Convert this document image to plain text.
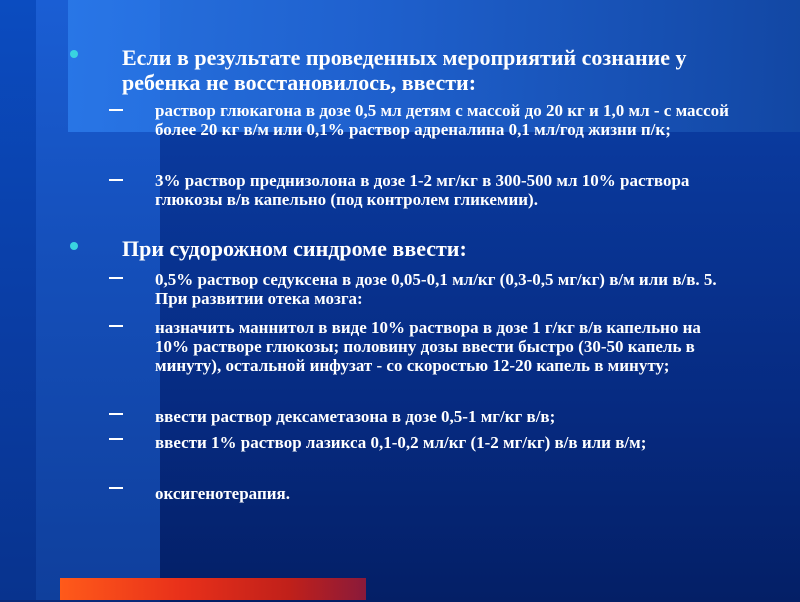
Если в результате проведенных мероприятий сознание у ребенка не восстановилось, ввести:
раствор глюкагона в дозе 0,5 мл детям с массой до 20 кг и 1,0 мл - с массой более 20 кг в/м или 0,1% раствор адреналина 0,1 мл/год жизни п/к;
3% раствор преднизолона в дозе 1-2 мг/кг в 300-500 мл 10% раствора глюкозы в/в капельно (под контролем гликемии).
При судорожном синдроме ввести:
0,5% раствор седуксена в дозе 0,05-0,1 мл/кг (0,3-0,5 мг/кг) в/м или в/в. 5. При развитии отека мозга:
назначить маннитол в виде 10% раствора в дозе 1 г/кг в/в капельно на 10% растворе глюкозы; половину дозы ввести быстро (30-50 капель в минуту), остальной инфузат - со скоростью 12-20 капель в минуту;
ввести раствор дексаметазона в дозе 0,5-1 мг/кг в/в;
ввести 1% раствор лазикса 0,1-0,2 мл/кг (1-2 мг/кг) в/в или в/м;
оксигенотерапия.
